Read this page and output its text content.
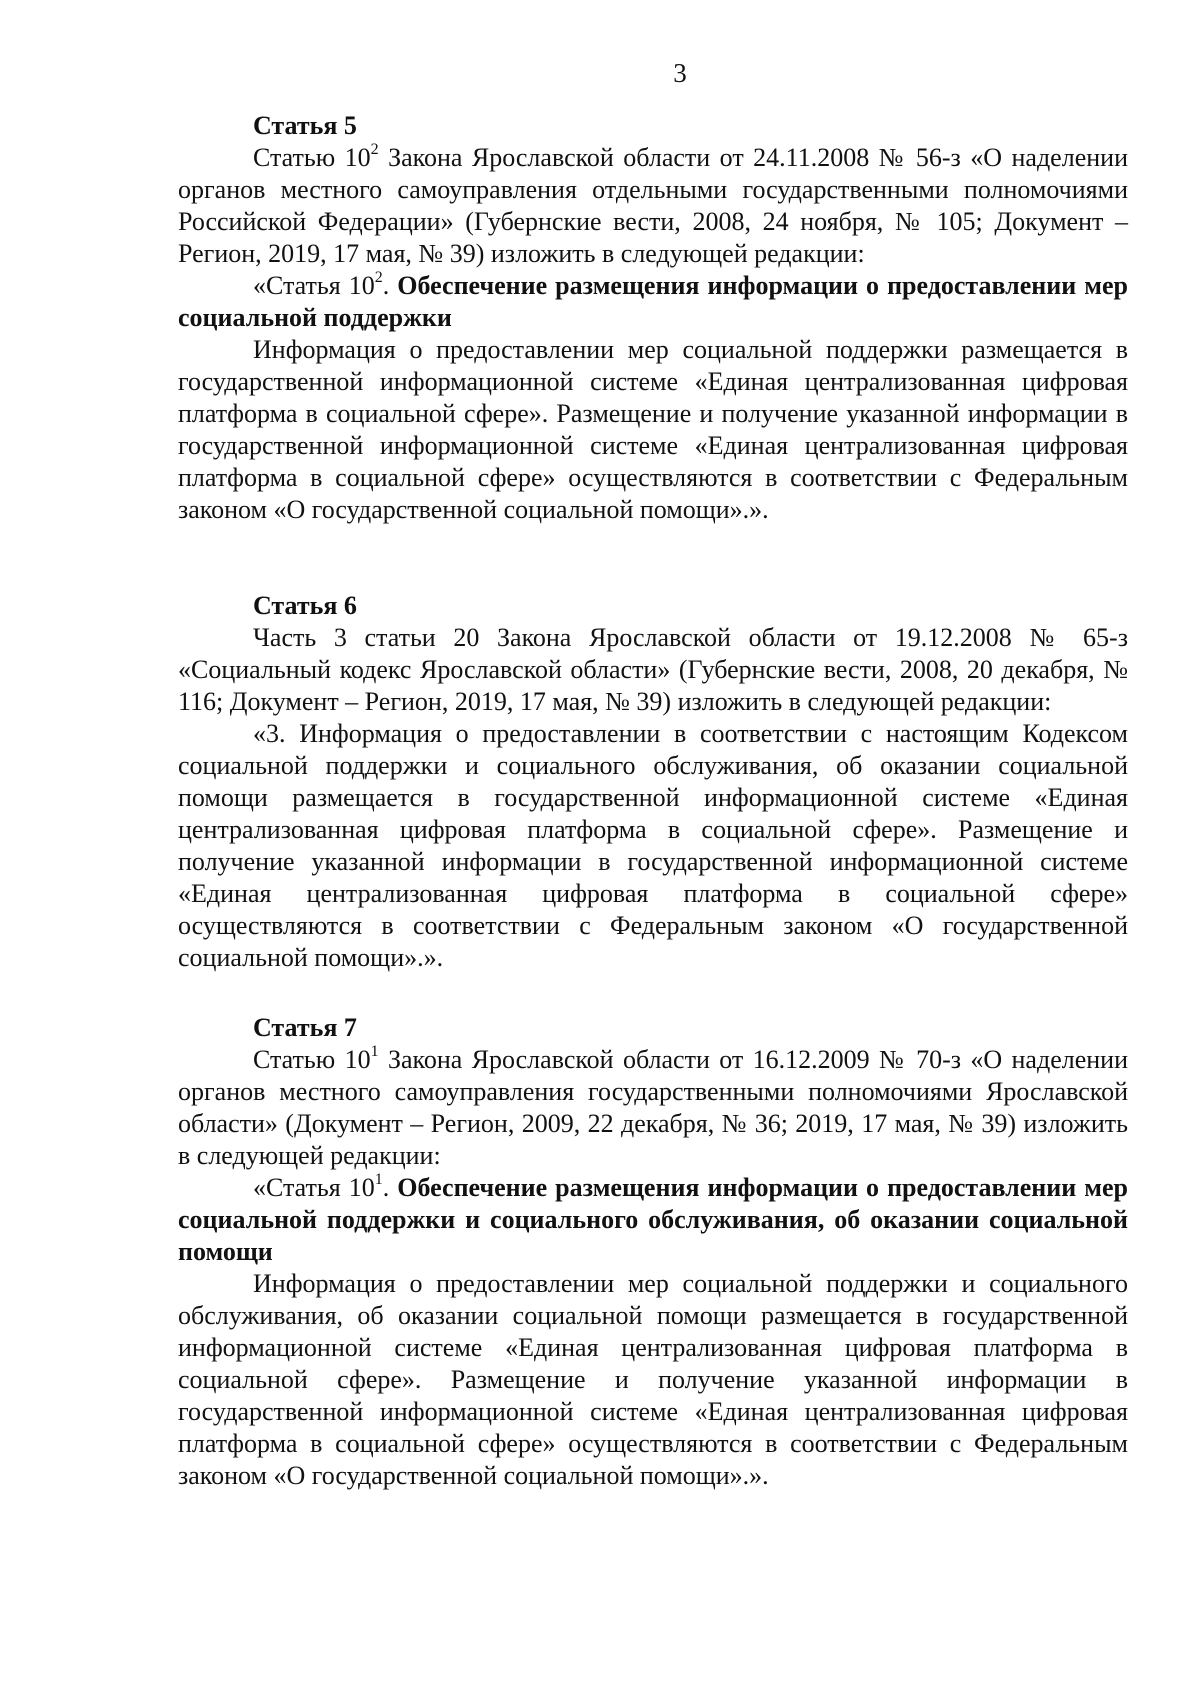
3

Статья 5

Статью $10^2$ Закона Ярославской области от 24.11.2008 № 56-з «О наделении органов местного самоуправления отдельными государственными полномочиями Российской Федерации» (Губернские вести, 2008, 24 ноября, № 105; Документ – Регион, 2019, 17 мая, № 39) изложить в следующей редакции:

«Статья $10^2$. Обеспечение размещения информации о предоставлении мер социальной поддержки

Информация о предоставлении мер социальной поддержки размещается в государственной информационной системе «Единая централизованная цифровая платформа в социальной сфере». Размещение и получение указанной информации в государственной информационной системе «Единая централизованная цифровая платформа в социальной сфере» осуществляются в соответствии с Федеральным законом «О государственной социальной помощи».».

Статья 6

Часть 3 статьи 20 Закона Ярославской области от 19.12.2008 № 65-з «Социальный кодекс Ярославской области» (Губернские вести, 2008, 20 декабря, № 116; Документ – Регион, 2019, 17 мая, № 39) изложить в следующей редакции:

«3. Информация о предоставлении в соответствии с настоящим Кодексом социальной поддержки и социального обслуживания, об оказании социальной помощи размещается в государственной информационной системе «Единая централизованная цифровая платформа в социальной сфере». Размещение и получение указанной информации в государственной информационной системе «Единая централизованная цифровая платформа в социальной сфере» осуществляются в соответствии с Федеральным законом «О государственной социальной помощи».».

Статья 7

Статью $10^1$ Закона Ярославской области от 16.12.2009 № 70-з «О наделении органов местного самоуправления государственными полномочиями Ярославской области» (Документ – Регион, 2009, 22 декабря, № 36; 2019, 17 мая, № 39) изложить в следующей редакции:

«Статья $10^1$. Обеспечение размещения информации о предоставлении мер социальной поддержки и социального обслуживания, об оказании социальной помощи

Информация о предоставлении мер социальной поддержки и социального обслуживания, об оказании социальной помощи размещается в государственной информационной системе «Единая централизованная цифровая платформа в социальной сфере». Размещение и получение указанной информации в государственной информационной системе «Единая централизованная цифровая платформа в социальной сфере» осуществляются в соответствии с Федеральным законом «О государственной социальной помощи».».
